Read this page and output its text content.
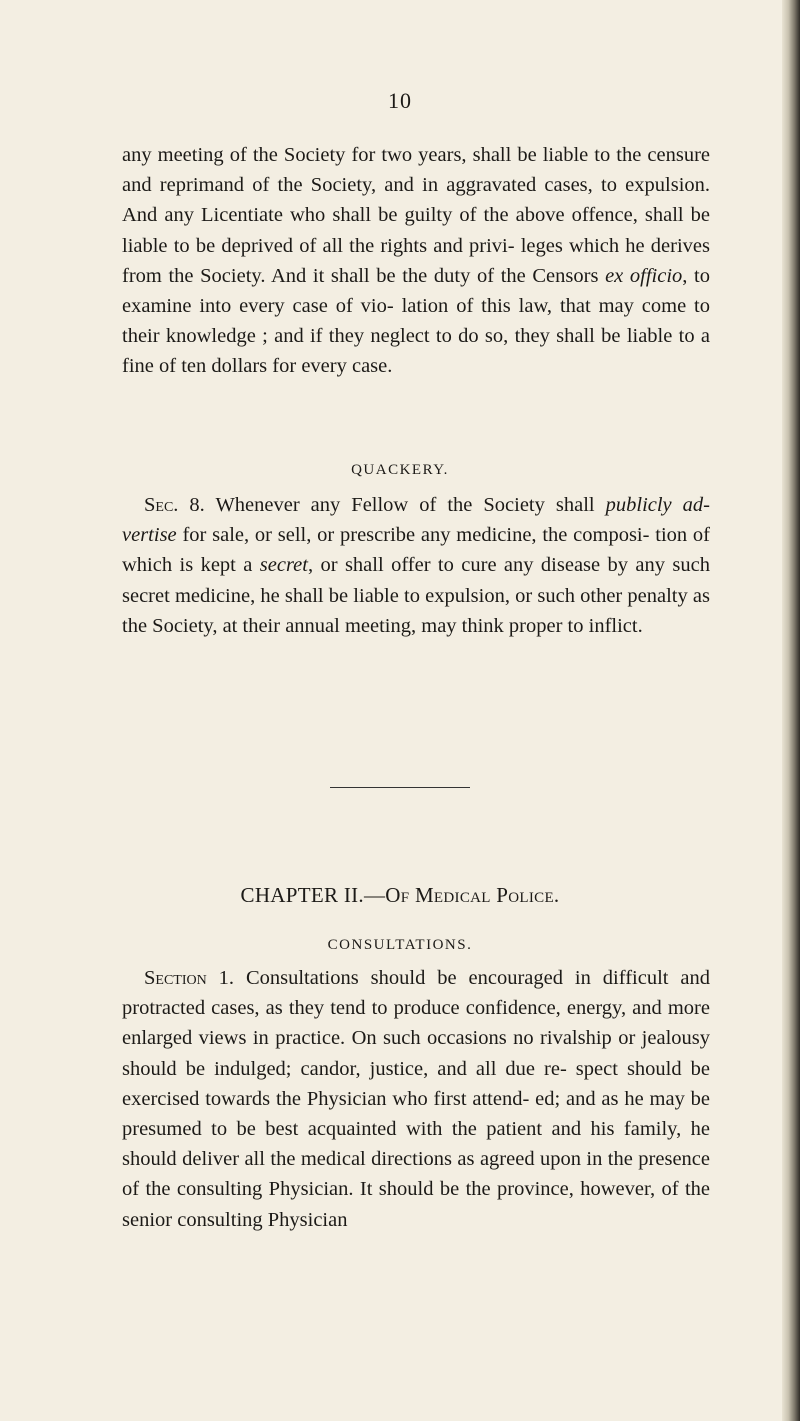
10

any meeting of the Society for two years, shall be liable to the censure and reprimand of the Society, and in aggravated cases, to expulsion. And any Licentiate who shall be guilty of the above offence, shall be liable to be deprived of all the rights and privi- leges which he derives from the Society. And it shall be the duty of the Censors ex officio, to examine into every case of vio- lation of this law, that may come to their knowledge ; and if they neglect to do so, they shall be liable to a fine of ten dollars for every case.

QUACKERY.

Sec. 8. Whenever any Fellow of the Society shall publicly ad- vertise for sale, or sell, or prescribe any medicine, the composi- tion of which is kept a secret, or shall offer to cure any disease by any such secret medicine, he shall be liable to expulsion, or such other penalty as the Society, at their annual meeting, may think proper to inflict.

CHAPTER II.—Of Medical Police.
CONSULTATIONS.

Section 1. Consultations should be encouraged in difficult and protracted cases, as they tend to produce confidence, energy, and more enlarged views in practice. On such occasions no rivalship or jealousy should be indulged; candor, justice, and all due re- spect should be exercised towards the Physician who first attend- ed; and as he may be presumed to be best acquainted with the patient and his family, he should deliver all the medical directions as agreed upon in the presence of the consulting Physician. It should be the province, however, of the senior consulting Physician
